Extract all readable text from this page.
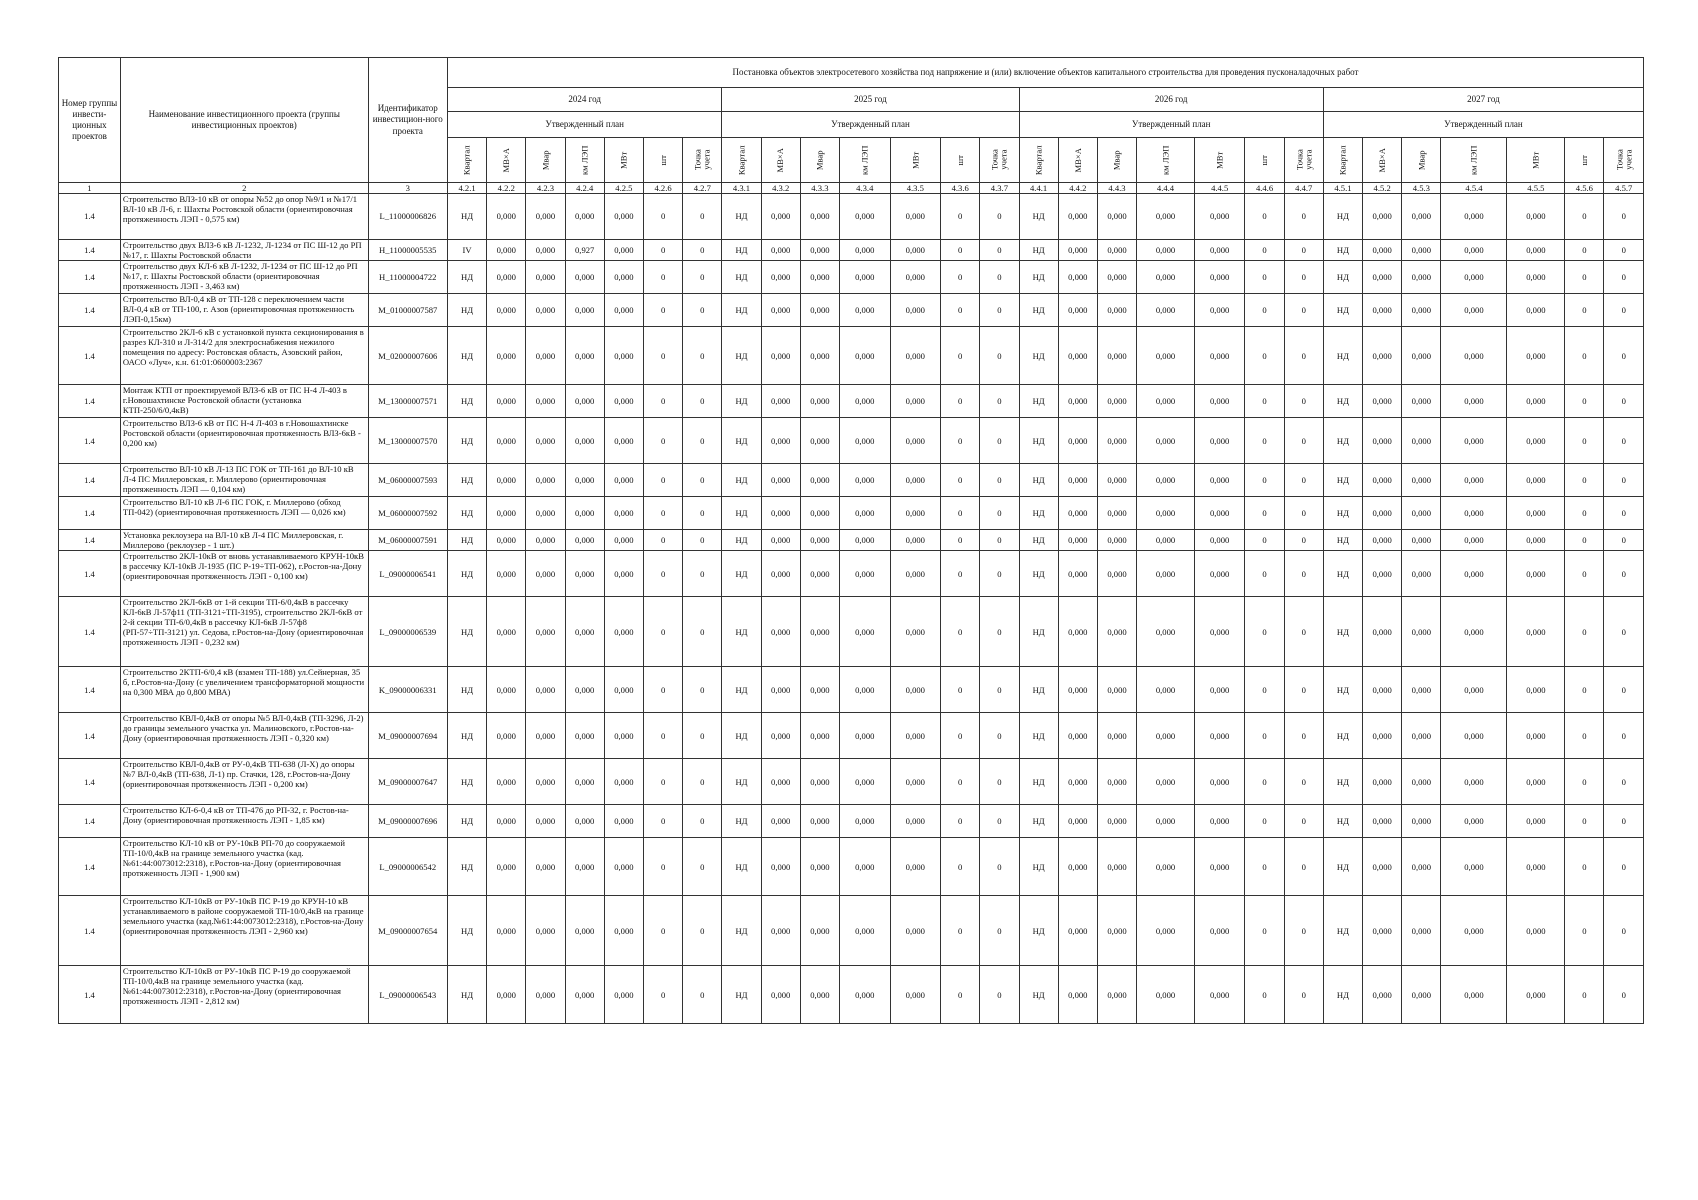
Номер группы инвести-ционных проектов	Наименование инвестиционного проекта (группы инвестиционных проектов)	Идентификатор инвестицион-ного проекта	Постановка объектов электросетевого хозяйства под напряжение и (или) включение объектов капитального строительства для проведения пусконаладочных работ																											
			2024 год							2025 год							2026 год							2027 год						
			Утвержденный план							Утвержденный план							Утвержденный план							Утвержденный план						
			Квартал	МВ×А	Мвар	км ЛЭП	МВт	шт	Точка учета	Квартал	МВ×А	Мвар	км ЛЭП	МВт	шт	Точка учета	Квартал	МВ×А	Мвар	км ЛЭП	МВт	шт	Точка учета	Квартал	МВ×А	Мвар	км ЛЭП	МВт	шт	Точка учета
1	2	3	4.2.1	4.2.2	4.2.3	4.2.4	4.2.5	4.2.6	4.2.7	4.3.1	4.3.2	4.3.3	4.3.4	4.3.5	4.3.6	4.3.7	4.4.1	4.4.2	4.4.3	4.4.4	4.4.5	4.4.6	4.4.7	4.5.1	4.5.2	4.5.3	4.5.4	4.5.5	4.5.6	4.5.7
1.4	Строительство ВЛЗ-10 кВ от опоры №52 до опор №9/1 и №17/1 ВЛ-10 кВ Л-6, г. Шахты Ростовской области (ориентировочная протяженность ЛЭП - 0,575 км)	L_11000006826	НД	0,000	0,000	0,000	0,000	0	0	НД	0,000	0,000	0,000	0,000	0	0	НД	0,000	0,000	0,000	0,000	0	0	НД	0,000	0,000	0,000	0,000	0	0
1.4	Строительство двух ВЛЗ-6 кВ Л-1232, Л-1234 от ПС Ш-12 до РП №17, г. Шахты Ростовской области	H_11000005535	IV	0,000	0,000	0,927	0,000	0	0	НД	0,000	0,000	0,000	0,000	0	0	НД	0,000	0,000	0,000	0,000	0	0	НД	0,000	0,000	0,000	0,000	0	0
1.4	Строительство двух КЛ-6 кВ Л-1232, Л-1234 от ПС Ш-12 до РП №17, г. Шахты Ростовской области (ориентировочная протяженность ЛЭП - 3,463 км)	H_11000004722	НД	0,000	0,000	0,000	0,000	0	0	НД	0,000	0,000	0,000	0,000	0	0	НД	0,000	0,000	0,000	0,000	0	0	НД	0,000	0,000	0,000	0,000	0	0
1.4	Строительство ВЛ-0,4 кВ от ТП-128 с переключением части ВЛ-0,4 кВ от ТП-100, г. Азов (ориентировочная протяженность ЛЭП-0,15км)	M_01000007587	НД	0,000	0,000	0,000	0,000	0	0	НД	0,000	0,000	0,000	0,000	0	0	НД	0,000	0,000	0,000	0,000	0	0	НД	0,000	0,000	0,000	0,000	0	0
1.4	Строительство 2КЛ-6 кВ с установкой пункта секционирования в разрез КЛ-310 и Л-314/2 для электроснабжения нежилого помещения по адресу: Ростовская область, Азовский район, ОАСО «Луч», к.н. 61:01:0600003:2367	M_02000007606	НД	0,000	0,000	0,000	0,000	0	0	НД	0,000	0,000	0,000	0,000	0	0	НД	0,000	0,000	0,000	0,000	0	0	НД	0,000	0,000	0,000	0,000	0	0
1.4	Монтаж КТП от проектируемой ВЛЗ-6 кВ от ПС Н-4 Л-403 в г.Новошахтинске Ростовской области (установка КТП-250/6/0,4кВ)	M_13000007571	НД	0,000	0,000	0,000	0,000	0	0	НД	0,000	0,000	0,000	0,000	0	0	НД	0,000	0,000	0,000	0,000	0	0	НД	0,000	0,000	0,000	0,000	0	0
1.4	Строительство ВЛЗ-6 кВ от ПС Н-4 Л-403 в г.Новошахтинске Ростовской области (ориентировочная протяженность ВЛЗ-6кВ - 0,200 км)	M_13000007570	НД	0,000	0,000	0,000	0,000	0	0	НД	0,000	0,000	0,000	0,000	0	0	НД	0,000	0,000	0,000	0,000	0	0	НД	0,000	0,000	0,000	0,000	0	0
1.4	Строительство ВЛ-10 кВ Л-13 ПС ГОК от ТП-161 до ВЛ-10 кВ Л-4 ПС Миллеровская, г. Миллерово (ориентировочная протяженность ЛЭП — 0,104 км)	M_06000007593	НД	0,000	0,000	0,000	0,000	0	0	НД	0,000	0,000	0,000	0,000	0	0	НД	0,000	0,000	0,000	0,000	0	0	НД	0,000	0,000	0,000	0,000	0	0
1.4	Строительство ВЛ-10 кВ Л-6 ПС ГОК, г. Миллерово (обход ТП-042) (ориентировочная протяженность ЛЭП — 0,026 км)	M_06000007592	НД	0,000	0,000	0,000	0,000	0	0	НД	0,000	0,000	0,000	0,000	0	0	НД	0,000	0,000	0,000	0,000	0	0	НД	0,000	0,000	0,000	0,000	0	0
1.4	Установка реклоузера на ВЛ-10 кВ Л-4 ПС Миллеровская, г. Миллерово (реклоузер - 1 шт.)	M_06000007591	НД	0,000	0,000	0,000	0,000	0	0	НД	0,000	0,000	0,000	0,000	0	0	НД	0,000	0,000	0,000	0,000	0	0	НД	0,000	0,000	0,000	0,000	0	0
1.4	Строительство 2КЛ-10кВ от вновь устанавливаемого КРУН-10кВ в рассечку КЛ-10кВ Л-1935 (ПС Р-19÷ТП-062), г.Ростов-на-Дону (ориентировочная протяженность ЛЭП - 0,100 км)	L_09000006541	НД	0,000	0,000	0,000	0,000	0	0	НД	0,000	0,000	0,000	0,000	0	0	НД	0,000	0,000	0,000	0,000	0	0	НД	0,000	0,000	0,000	0,000	0	0
1.4	Строительство 2КЛ-6кВ от 1-й секции ТП-6/0,4кВ в рассечку КЛ-6кВ Л-57ф11 (ТП-3121÷ТП-3195), строительство 2КЛ-6кВ от 2-й секции ТП-6/0,4кВ в рассечку КЛ-6кВ Л-57ф8 (РП-57÷ТП-3121) ул. Седова, г.Ростов-на-Дону (ориентировочная протяженность ЛЭП - 0,232 км)	L_09000006539	НД	0,000	0,000	0,000	0,000	0	0	НД	0,000	0,000	0,000	0,000	0	0	НД	0,000	0,000	0,000	0,000	0	0	НД	0,000	0,000	0,000	0,000	0	0
1.4	Строительство 2КТП-6/0,4 кВ (взамен ТП-188) ул.Сейнерная, 35 б, г.Ростов-на-Дону (с увеличением трансформаторной мощности на 0,300 МВА до 0,800 МВА)	K_09000006331	НД	0,000	0,000	0,000	0,000	0	0	НД	0,000	0,000	0,000	0,000	0	0	НД	0,000	0,000	0,000	0,000	0	0	НД	0,000	0,000	0,000	0,000	0	0
1.4	Строительство КВЛ-0,4кВ от опоры №5 ВЛ-0,4кВ (ТП-3296, Л-2) до границы земельного участка ул. Малиновского, г.Ростов-на-Дону (ориентировочная протяженность ЛЭП - 0,320 км)	M_09000007694	НД	0,000	0,000	0,000	0,000	0	0	НД	0,000	0,000	0,000	0,000	0	0	НД	0,000	0,000	0,000	0,000	0	0	НД	0,000	0,000	0,000	0,000	0	0
1.4	Строительство КВЛ-0,4кВ от РУ-0,4кВ ТП-638 (Л-Х) до опоры №7 ВЛ-0,4кВ (ТП-638, Л-1) пр. Стачки, 128, г.Ростов-на-Дону (ориентировочная протяженность ЛЭП - 0,200 км)	M_09000007647	НД	0,000	0,000	0,000	0,000	0	0	НД	0,000	0,000	0,000	0,000	0	0	НД	0,000	0,000	0,000	0,000	0	0	НД	0,000	0,000	0,000	0,000	0	0
1.4	Строительство КЛ-6-0,4 кВ от ТП-476 до РП-32, г. Ростов-на-Дону (ориентировочная протяженность ЛЭП - 1,85 км)	M_09000007696	НД	0,000	0,000	0,000	0,000	0	0	НД	0,000	0,000	0,000	0,000	0	0	НД	0,000	0,000	0,000	0,000	0	0	НД	0,000	0,000	0,000	0,000	0	0
1.4	Строительство КЛ-10 кВ от РУ-10кВ РП-70 до сооружаемой ТП-10/0,4кВ на границе земельного участка (кад.№61:44:0073012:2318), г.Ростов-на-Дону (ориентировочная протяженность ЛЭП - 1,900 км)	L_09000006542	НД	0,000	0,000	0,000	0,000	0	0	НД	0,000	0,000	0,000	0,000	0	0	НД	0,000	0,000	0,000	0,000	0	0	НД	0,000	0,000	0,000	0,000	0	0
1.4	Строительство КЛ-10кВ от РУ-10кВ ПС Р-19 до КРУН-10 кВ устанавливаемого в районе сооружаемой ТП-10/0,4кВ на границе земельного участка (кад.№61:44:0073012:2318), г.Ростов-на-Дону (ориентировочная протяженность ЛЭП - 2,960 км)	M_09000007654	НД	0,000	0,000	0,000	0,000	0	0	НД	0,000	0,000	0,000	0,000	0	0	НД	0,000	0,000	0,000	0,000	0	0	НД	0,000	0,000	0,000	0,000	0	0
1.4	Строительство КЛ-10кВ от РУ-10кВ ПС Р-19 до сооружаемой ТП-10/0,4кВ на границе земельного участка (кад.№61:44:0073012:2318), г.Ростов-на-Дону (ориентировочная протяженность ЛЭП - 2,812 км)	L_09000006543	НД	0,000	0,000	0,000	0,000	0	0	НД	0,000	0,000	0,000	0,000	0	0	НД	0,000	0,000	0,000	0,000	0	0	НД	0,000	0,000	0,000	0,000	0	0
